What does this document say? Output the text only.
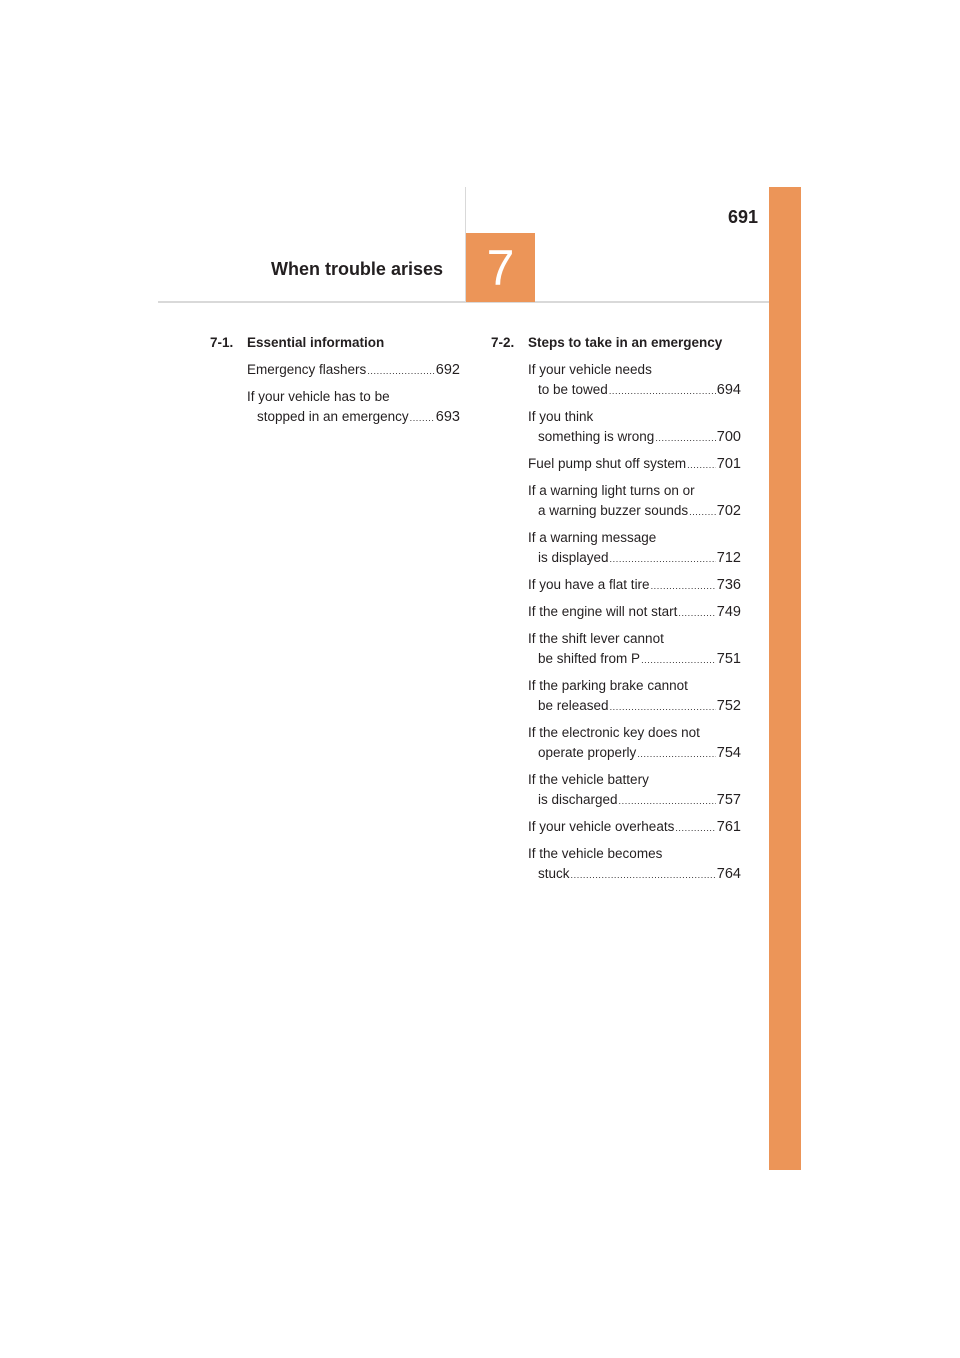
7
691
When trouble arises
7-1. Essential information
Emergency flashers .....	692
If your vehicle has to be
stopped in an emergency ..... 693
7-2. Steps to take in an emergency
If your vehicle needs
to be towed .....	694
If you think
something is wrong .....	700
Fuel pump shut off system ..... 701
If a warning light turns on or
a warning buzzer sounds ..... 702
If a warning message
is displayed .....	712
If you have a flat tire .....	736
If the engine will not start .....	749
If the shift lever cannot
be shifted from P .....	751
If the parking brake cannot
be released .....	752
If the electronic key does not
operate properly .....	754
If the vehicle battery
is discharged .....	757
If your vehicle overheats .....	761
If the vehicle becomes
stuck .....	764
